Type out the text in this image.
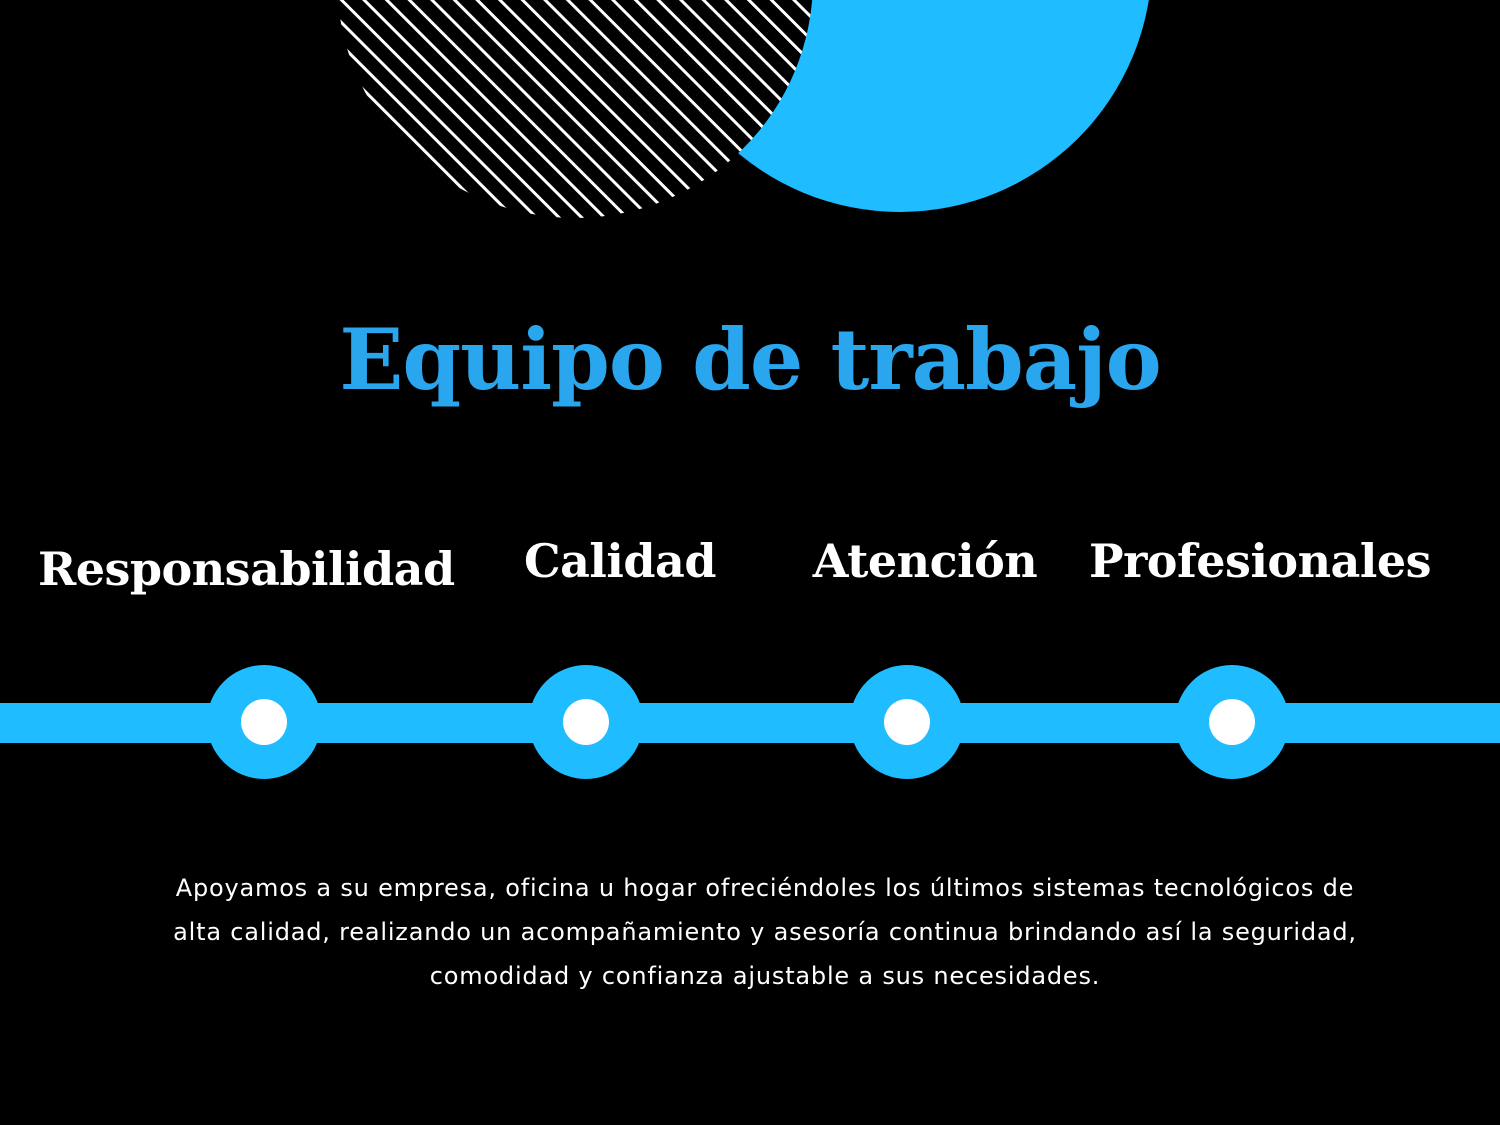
Equipo de trabajo
Responsabilidad	Calidad	Atención	Profesionales

Apoyamos a su empresa, oficina u hogar ofreciéndoles los últimos sistemas tecnológicos de alta calidad, realizando un acompañamiento y asesoría continua brindando así la seguridad, comodidad y confianza ajustable a sus necesidades.
